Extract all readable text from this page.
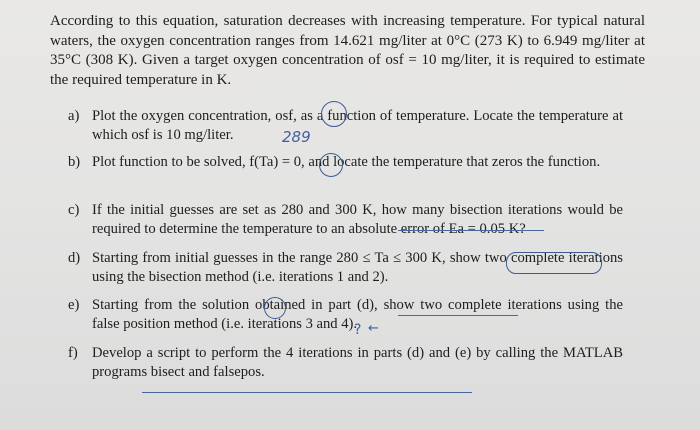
According to this equation, saturation decreases with increasing temperature. For typical natural waters, the oxygen concentration ranges from 14.621 mg/liter at 0°C (273 K) to 6.949 mg/liter at 35°C (308 K). Given a target oxygen concentration of osf = 10 mg/liter, it is required to estimate the required temperature in K.
a) Plot the oxygen concentration, osf, as a function of temperature. Locate the temperature at which osf is 10 mg/liter.
b) Plot function to be solved, f(Ta) = 0, and locate the temperature that zeros the function.
c) If the initial guesses are set as 280 and 300 K, how many bisection iterations would be required to determine the temperature to an absolute error of Ea = 0.05 K?
d) Starting from initial guesses in the range 280 ≤ Ta ≤ 300 K, show two complete iterations using the bisection method (i.e. iterations 1 and 2).
e) Starting from the solution obtained in part (d), show two complete iterations using the false position method (i.e. iterations 3 and 4).
f) Develop a script to perform the 4 iterations in parts (d) and (e) by calling the MATLAB programs bisect and falsepos.
289
? ←
